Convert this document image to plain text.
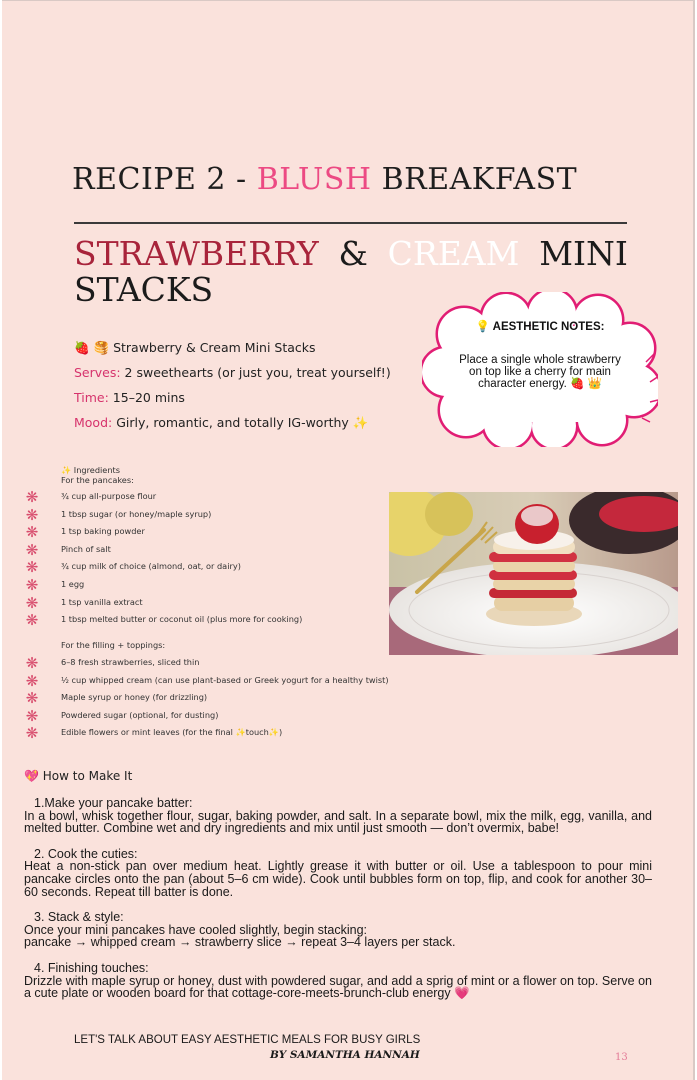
RECIPE 2 - BLUSH BREAKFAST
STRAWBERRY & CREAM MINI
STACKS
💡 AESTHETIC NOTES:
Place a single whole strawberry on top like a cherry for main character energy. 🍓 👑
🍓 🥞 Strawberry & Cream Mini Stacks
Serves: 2 sweethearts (or just you, treat yourself!)
Time: 15–20 mins
Mood: Girly, romantic, and totally IG-worthy ✨
✨ Ingredients
For the pancakes:
❋	¾ cup all-purpose flour
❋	1 tbsp sugar (or honey/maple syrup)
❋	1 tsp baking powder
❋	Pinch of salt
❋	¾ cup milk of choice (almond, oat, or dairy)
❋	1 egg
❋	1 tsp vanilla extract
❋	1 tbsp melted butter or coconut oil (plus more for cooking)
For the filling + toppings:
❋	6–8 fresh strawberries, sliced thin
❋	½ cup whipped cream (can use plant-based or Greek yogurt for a healthy twist)
❋	Maple syrup or honey (for drizzling)
❋	Powdered sugar (optional, for dusting)
❋	Edible flowers or mint leaves (for the final ✨touch✨)
💖 How to Make It
1.Make your pancake batter:
In a bowl, whisk together flour, sugar, baking powder, and salt. In a separate bowl, mix the milk, egg, vanilla, and melted butter. Combine wet and dry ingredients and mix until just smooth — don’t overmix, babe!
2. Cook the cuties:
Heat a non-stick pan over medium heat. Lightly grease it with butter or oil. Use a tablespoon to pour mini pancake circles onto the pan (about 5–6 cm wide). Cook until bubbles form on top, flip, and cook for another 30–60 seconds. Repeat till batter is done.
3. Stack & style:
Once your mini pancakes have cooled slightly, begin stacking:
pancake → whipped cream → strawberry slice → repeat 3–4 layers per stack.
4. Finishing touches:
Drizzle with maple syrup or honey, dust with powdered sugar, and add a sprig of mint or a flower on top. Serve on a cute plate or wooden board for that cottage-core-meets-brunch-club energy 💗
LET'S TALK ABOUT EASY AESTHETIC MEALS FOR BUSY GIRLS
BY SAMANTHA HANNAH	13
